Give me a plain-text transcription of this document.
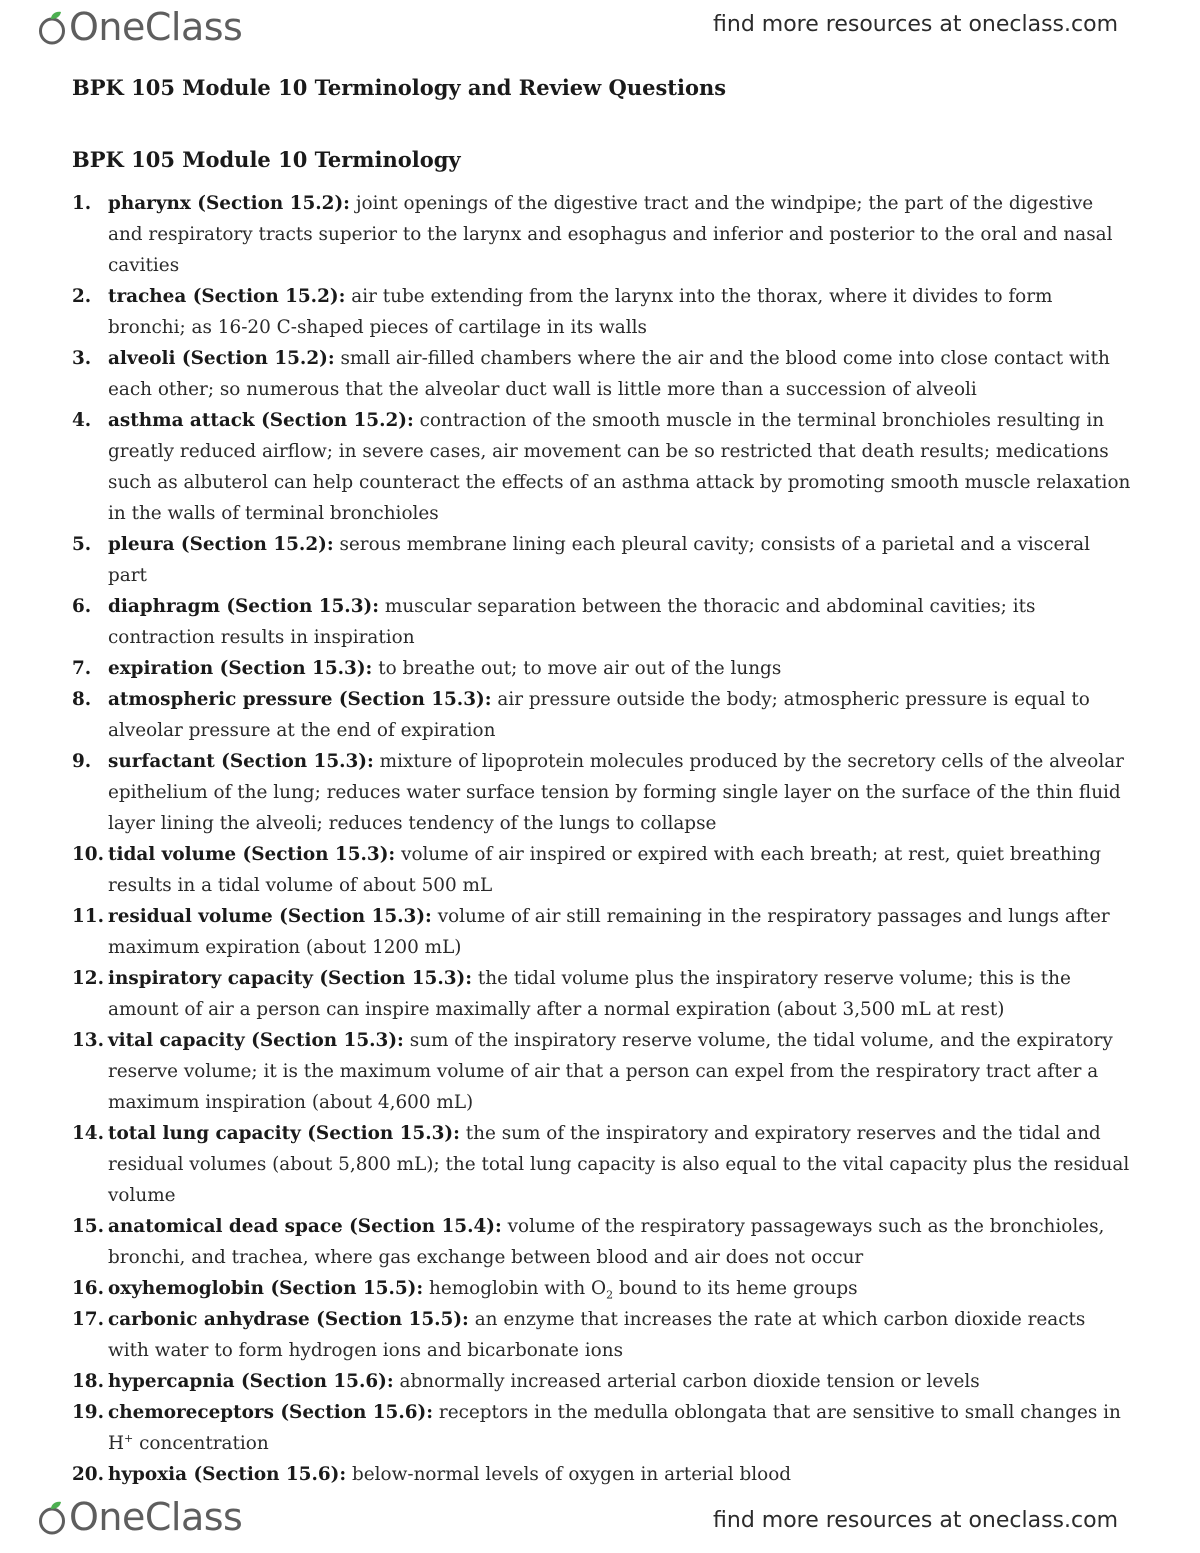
OneClass	find more resources at oneclass.com
BPK 105 Module 10 Terminology and Review Questions
BPK 105 Module 10 Terminology
1. pharynx (Section 15.2): joint openings of the digestive tract and the windpipe; the part of the digestive and respiratory tracts superior to the larynx and esophagus and inferior and posterior to the oral and nasal cavities
2. trachea (Section 15.2): air tube extending from the larynx into the thorax, where it divides to form bronchi; as 16-20 C-shaped pieces of cartilage in its walls
3. alveoli (Section 15.2): small air-filled chambers where the air and the blood come into close contact with each other; so numerous that the alveolar duct wall is little more than a succession of alveoli
4. asthma attack (Section 15.2): contraction of the smooth muscle in the terminal bronchioles resulting in greatly reduced airflow; in severe cases, air movement can be so restricted that death results; medications such as albuterol can help counteract the effects of an asthma attack by promoting smooth muscle relaxation in the walls of terminal bronchioles
5. pleura (Section 15.2): serous membrane lining each pleural cavity; consists of a parietal and a visceral part
6. diaphragm (Section 15.3): muscular separation between the thoracic and abdominal cavities; its contraction results in inspiration
7. expiration (Section 15.3): to breathe out; to move air out of the lungs
8. atmospheric pressure (Section 15.3): air pressure outside the body; atmospheric pressure is equal to alveolar pressure at the end of expiration
9. surfactant (Section 15.3): mixture of lipoprotein molecules produced by the secretory cells of the alveolar epithelium of the lung; reduces water surface tension by forming single layer on the surface of the thin fluid layer lining the alveoli; reduces tendency of the lungs to collapse
10. tidal volume (Section 15.3): volume of air inspired or expired with each breath; at rest, quiet breathing results in a tidal volume of about 500 mL
11. residual volume (Section 15.3): volume of air still remaining in the respiratory passages and lungs after maximum expiration (about 1200 mL)
12. inspiratory capacity (Section 15.3): the tidal volume plus the inspiratory reserve volume; this is the amount of air a person can inspire maximally after a normal expiration (about 3,500 mL at rest)
13. vital capacity (Section 15.3): sum of the inspiratory reserve volume, the tidal volume, and the expiratory reserve volume; it is the maximum volume of air that a person can expel from the respiratory tract after a maximum inspiration (about 4,600 mL)
14. total lung capacity (Section 15.3): the sum of the inspiratory and expiratory reserves and the tidal and residual volumes (about 5,800 mL); the total lung capacity is also equal to the vital capacity plus the residual volume
15. anatomical dead space (Section 15.4): volume of the respiratory passageways such as the bronchioles, bronchi, and trachea, where gas exchange between blood and air does not occur
16. oxyhemoglobin (Section 15.5): hemoglobin with $O_2$ bound to its heme groups
17. carbonic anhydrase (Section 15.5): an enzyme that increases the rate at which carbon dioxide reacts with water to form hydrogen ions and bicarbonate ions
18. hypercapnia (Section 15.6): abnormally increased arterial carbon dioxide tension or levels
19. chemoreceptors (Section 15.6): receptors in the medulla oblongata that are sensitive to small changes in H+ concentration
20. hypoxia (Section 15.6): below-normal levels of oxygen in arterial blood
OneClass	find more resources at oneclass.com
